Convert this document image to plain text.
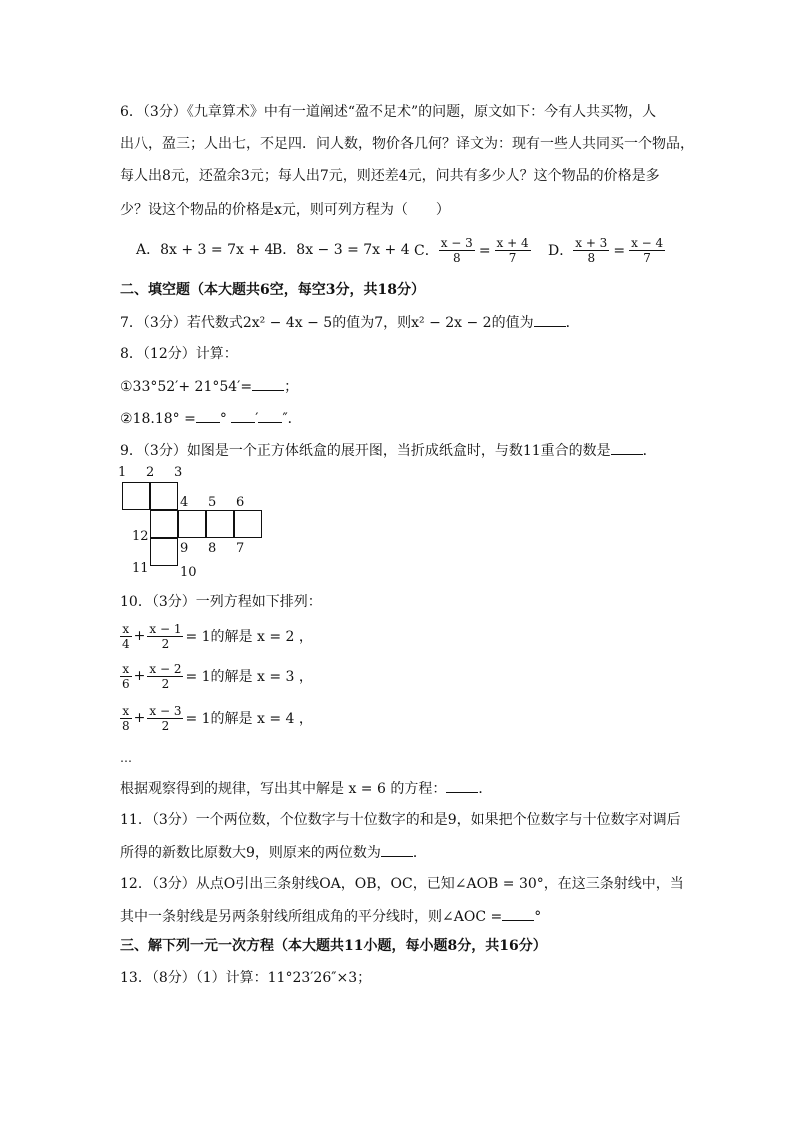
6．（3分）《九章算术》中有一道阐述“盈不足术”的问题，原文如下：今有人共买物，人
出八，盈三；人出七，不足四．问人数，物价各几何？译文为：现有一些人共同买一个物品，
每人出8元，还盈余3元；每人出7元，则还差4元，问共有多少人？这个物品的价格是多
少？设这个物品的价格是x元，则可列方程为（　　）
A．8x + 3 = 7x + 4
B．8x − 3 = 7x + 4 C． $\frac{x - 3}{8} = \frac{x + 4}{7}$ D． $\frac{x + 3}{8} = \frac{x - 4}{7}$
二、填空题（本大题共6空，每空3分，共18分）
7．（3分）若代数式2x² − 4x − 5的值为7，则x² − 2x − 2的值为 ．
8．（12分）计算：
①33°52′+ 21°54′= ；
②18.18° = ° ′ ″．
9．（3分）如图是一个正方体纸盒的展开图，当折成纸盒时，与数11重合的数是 ．
1 2 3
4 5 6
12
9 8 7
11 10
10．（3分）一列方程如下排列：
$\frac{x}{4} + \frac{x - 1}{2} = 1$的解是 x = 2 ，
$\frac{x}{6} + \frac{x - 2}{2} = 1$的解是 x = 3 ，
$\frac{x}{8} + \frac{x - 3}{2} = 1$的解是 x = 4 ，
…
根据观察得到的规律，写出其中解是 x = 6 的方程： ．
11．（3分）一个两位数，个位数字与十位数字的和是9，如果把个位数字与十位数字对调后
所得的新数比原数大9，则原来的两位数为 ．
12．（3分）从点O引出三条射线OA，OB，OC，已知∠AOB = 30°，在这三条射线中，当
其中一条射线是另两条射线所组成角的平分线时，则∠AOC = °
三、解下列一元一次方程（本大题共11小题，每小题8分，共16分）
13．（8分）（1）计算：11°23′26″×3；
